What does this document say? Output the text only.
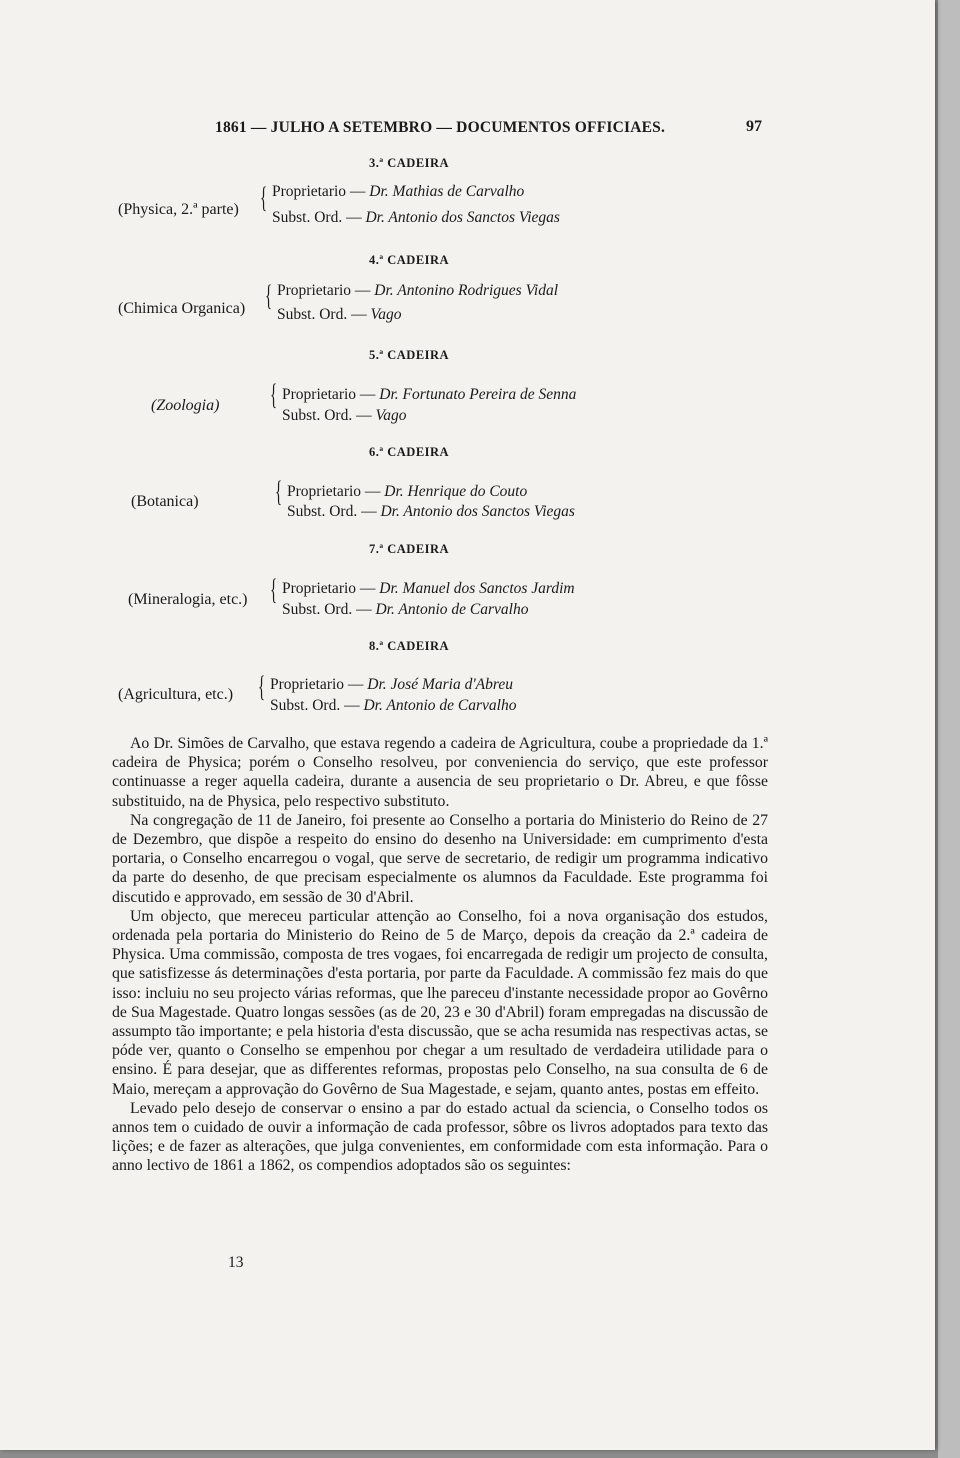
1861 — JULHO A SETEMBRO — DOCUMENTOS OFFICIAES.	97
3.ª CADEIRA
(Physica, 2.ª parte) { Proprietario — Dr. Mathias de Carvalho
Subst. Ord. — Dr. Antonio dos Sanctos Viegas
4.ª CADEIRA
(Chimica Organica) { Proprietario — Dr. Antonino Rodrigues Vidal
Subst. Ord. — Vago
5.ª CADEIRA
(Zoologia) { Proprietario — Dr. Fortunato Pereira de Senna
Subst. Ord. — Vago
6.ª CADEIRA
(Botanica)	{ Proprietario — Dr. Henrique do Couto
Subst. Ord. — Dr. Antonio dos Sanctos Viegas
7.ª CADEIRA
(Mineralogia, etc.) { Proprietario — Dr. Manuel dos Sanctos Jardim
Subst. Ord. — Dr. Antonio de Carvalho
8.ª CADEIRA
(Agricultura, etc.) { Proprietario — Dr. José Maria d'Abreu
Subst. Ord. — Dr. Antonio de Carvalho

Ao Dr. Simões de Carvalho, que estava regendo a cadeira de Agricultura, coube a propriedade da 1.ª cadeira de Physica; porém o Conselho resolveu, por conveniencia do serviço, que este professor continuasse a reger aquella cadeira, durante a ausencia de seu proprietario o Dr. Abreu, e que fôsse substituido, na de Physica, pelo respectivo substituto.

Na congregação de 11 de Janeiro, foi presente ao Conselho a portaria do Ministerio do Reino de 27 de Dezembro, que dispõe a respeito do ensino do desenho na Universidade: em cumprimento d'esta portaria, o Conselho encarregou o vogal, que serve de secretario, de redigir um programma indicativo da parte do desenho, de que precisam especialmente os alumnos da Faculdade. Este programma foi discutido e approvado, em sessão de 30 d'Abril.

Um objecto, que mereceu particular attenção ao Conselho, foi a nova organisação dos estudos, ordenada pela portaria do Ministerio do Reino de 5 de Março, depois da creação da 2.ª cadeira de Physica. Uma commissão, composta de tres vogaes, foi encarregada de redigir um projecto de consulta, que satisfizesse ás determinações d'esta portaria, por parte da Faculdade. A commissão fez mais do que isso: incluiu no seu projecto várias reformas, que lhe pareceu d'instante necessidade propor ao Govêrno de Sua Magestade. Quatro longas sessões (as de 20, 23 e 30 d'Abril) foram empregadas na discussão de assumpto tão importante; e pela historia d'esta discussão, que se acha resumida nas respectivas actas, se póde ver, quanto o Conselho se empenhou por chegar a um resultado de verdadeira utilidade para o ensino. É para desejar, que as differentes reformas, propostas pelo Conselho, na sua consulta de 6 de Maio, mereçam a approvação do Govêrno de Sua Magestade, e sejam, quanto antes, postas em effeito.

Levado pelo desejo de conservar o ensino a par do estado actual da sciencia, o Conselho todos os annos tem o cuidado de ouvir a informação de cada professor, sôbre os livros adoptados para texto das lições; e de fazer as alterações, que julga convenientes, em conformidade com esta informação. Para o anno lectivo de 1861 a 1862, os compendios adoptados são os seguintes:

13
